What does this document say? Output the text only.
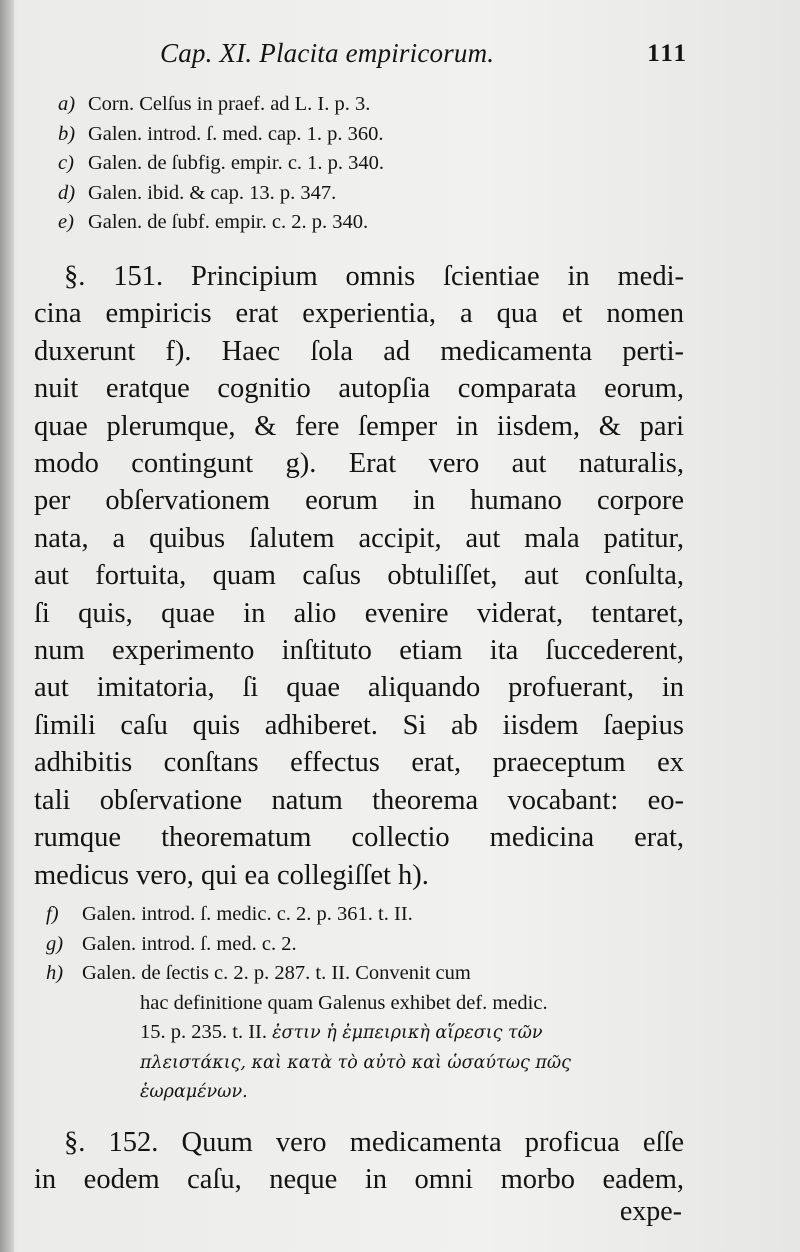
Cap. XI. Placita empiricorum.	111
a) Corn. Celſus in praef. ad L. I. p. 3.
b) Galen. introd. ſ. med. cap. 1. p. 360.
c) Galen. de ſubfig. empir. c. 1. p. 340.
d) Galen. ibid. & cap. 13. p. 347.
e) Galen. de ſubf. empir. c. 2. p. 340.
§. 151. Principium omnis ſcientiae in medi-
cina empiricis erat experientia, a qua et nomen
duxerunt f). Haec ſola ad medicamenta perti-
nuit eratque cognitio autopſia comparata eorum,
quae plerumque, & fere ſemper in iisdem, & pari
modo contingunt g). Erat vero aut naturalis,
per obſervationem eorum in humano corpore
nata, a quibus ſalutem accipit, aut mala patitur,
aut fortuita, quam caſus obtuliſſet, aut conſulta,
ſi quis, quae in alio evenire viderat, tentaret,
num experimento inſtituto etiam ita ſuccederent,
aut imitatoria, ſi quae aliquando profuerant, in
ſimili caſu quis adhiberet. Si ab iisdem ſaepius
adhibitis conſtans effectus erat, praeceptum ex
tali obſervatione natum theorema vocabant: eo-
rumque theorematum collectio medicina erat,
medicus vero, qui ea collegiſſet h).
f) Galen. introd. ſ. medic. c. 2. p. 361. t. II.
g) Galen. introd. ſ. med. c. 2.
h) Galen. de ſectis c. 2. p. 287. t. II. Convenit cum
hac definitione quam Galenus exhibet def. medic.
15. p. 235. t. II. ἐστιν ἡ ἐμπειρικὴ αἵρεσις τῶν
πλειστάκις, καὶ κατὰ τὸ αὐτὸ καὶ ὡσαύτως πῶς
ἑωραμένων.
§. 152. Quum vero medicamenta proficua eſſe
in eodem caſu, neque in omni morbo eadem,
expe-
